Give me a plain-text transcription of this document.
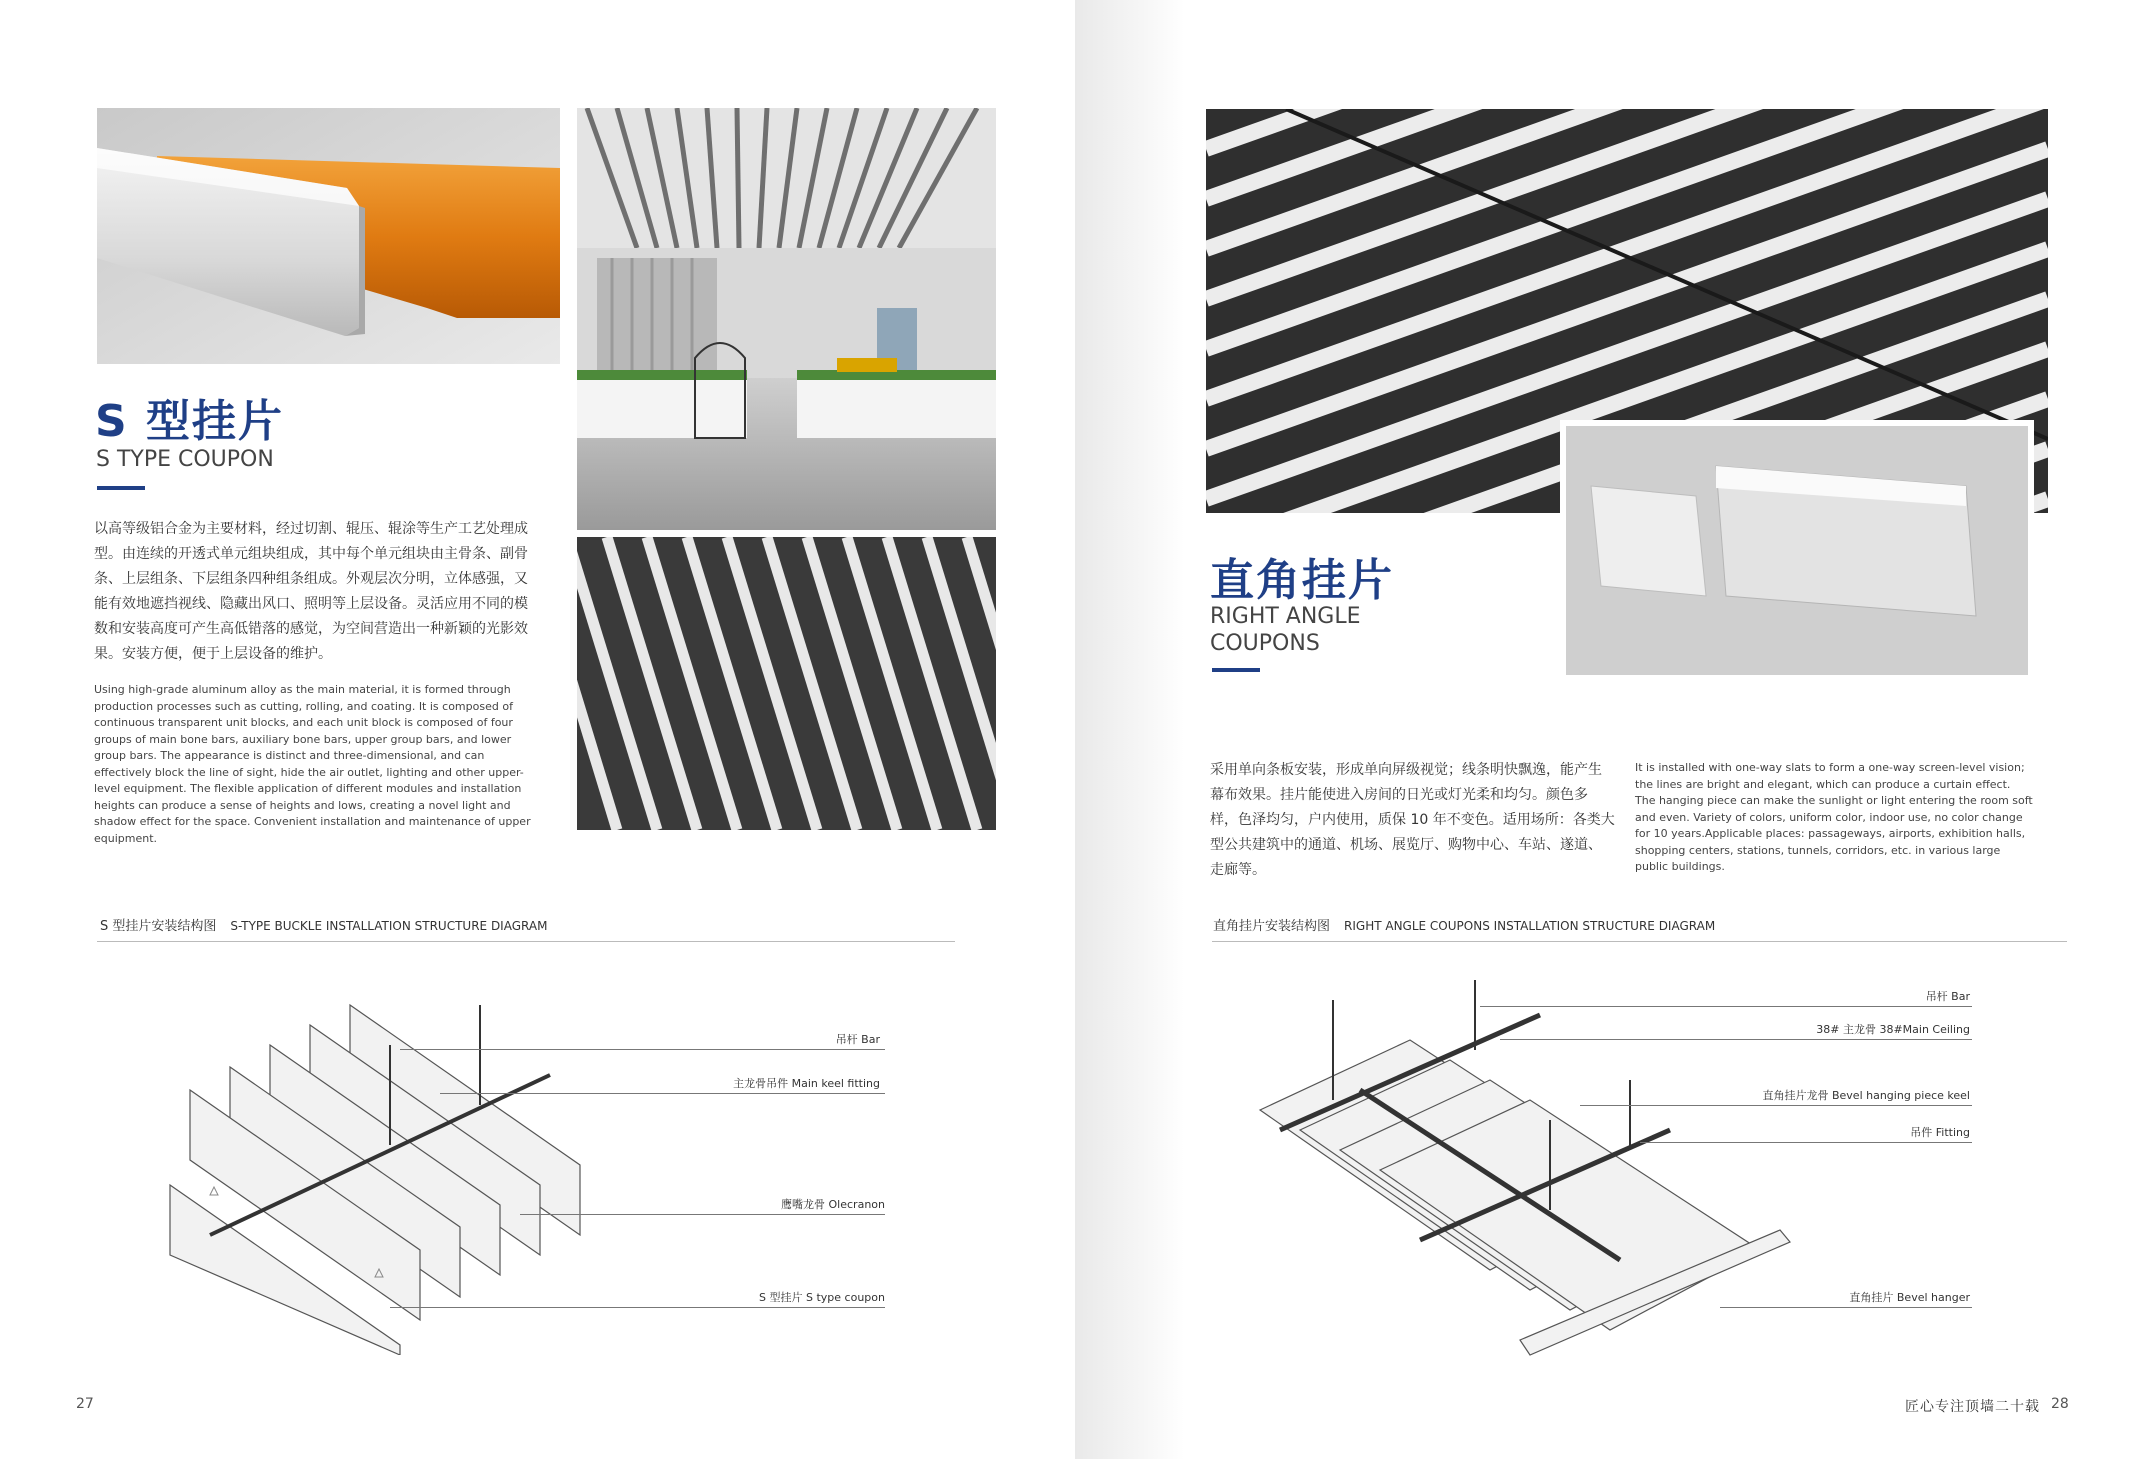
S 型挂片
S TYPE COUPON
以高等级铝合金为主要材料，经过切割、辊压、辊涂等生产工艺处理成型。由连续的开透式单元组块组成，其中每个单元组块由主骨条、副骨条、上层组条、下层组条四种组条组成。外观层次分明，立体感强，又能有效地遮挡视线、隐藏出风口、照明等上层设备。灵活应用不同的模数和安装高度可产生高低错落的感觉，为空间营造出一种新颖的光影效果。安装方便，便于上层设备的维护。
Using high-grade aluminum alloy as the main material, it is formed through production processes such as cutting, rolling, and coating. It is composed of continuous transparent unit blocks, and each unit block is composed of four groups of main bone bars, auxiliary bone bars, upper group bars, and lower group bars. The appearance is distinct and three-dimensional, and can effectively block the line of sight, hide the air outlet, lighting and other upper-level equipment. The flexible application of different modules and installation heights can produce a sense of heights and lows, creating a novel light and shadow effect for the space. Convenient installation and maintenance of upper equipment.
S 型挂片安装结构图 S-TYPE BUCKLE INSTALLATION STRUCTURE DIAGRAM
吊杆 Bar
主龙骨吊件 Main keel fitting
鹰嘴龙骨 Olecranon
S 型挂片 S type coupon
27
直角挂片
RIGHT ANGLE
COUPONS
采用单向条板安装，形成单向屏级视觉；线条明快飘逸，能产生幕布效果。挂片能使进入房间的日光或灯光柔和均匀。颜色多样，色泽均匀，户内使用，质保 10 年不变色。适用场所：各类大型公共建筑中的通道、机场、展览厅、购物中心、车站、遂道、走廊等。
It is installed with one-way slats to form a one-way screen-level vision; the lines are bright and elegant, which can produce a curtain effect. The hanging piece can make the sunlight or light entering the room soft and even. Variety of colors, uniform color, indoor use, no color change for 10 years.Applicable places: passageways, airports, exhibition halls, shopping centers, stations, tunnels, corridors, etc. in various large public buildings.
直角挂片安装结构图 RIGHT ANGLE COUPONS INSTALLATION STRUCTURE DIAGRAM
吊杆 Bar
38# 主龙骨 38#Main Ceiling
直角挂片龙骨 Bevel hanging piece keel
吊件 Fitting
直角挂片 Bevel hanger
匠心专注顶墙二十载 28
